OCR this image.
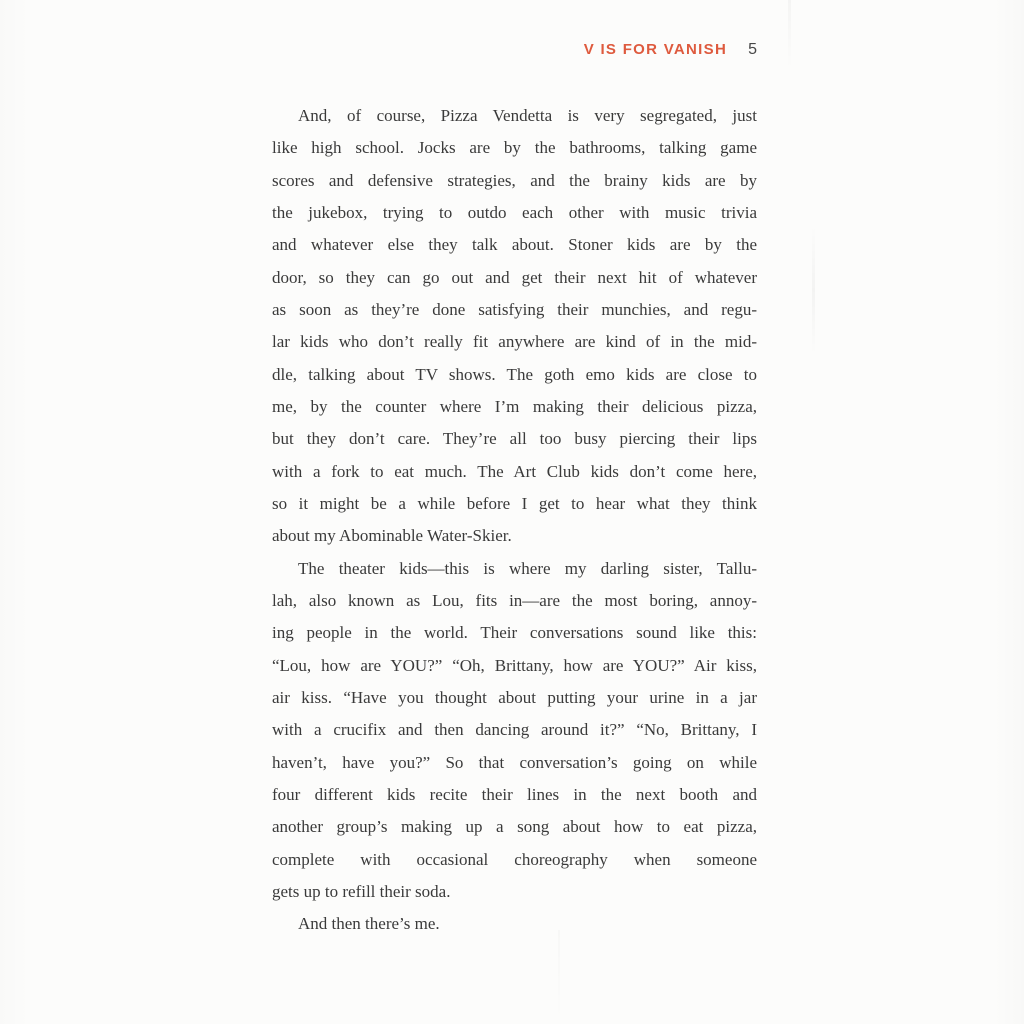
V IS FOR VANISH 5
And, of course, Pizza Vendetta is very segregated, just
like high school. Jocks are by the bathrooms, talking game
scores and defensive strategies, and the brainy kids are by
the jukebox, trying to outdo each other with music trivia
and whatever else they talk about. Stoner kids are by the
door, so they can go out and get their next hit of whatever
as soon as they’re done satisfying their munchies, and regu-
lar kids who don’t really fit anywhere are kind of in the mid-
dle, talking about TV shows. The goth emo kids are close to
me, by the counter where I’m making their delicious pizza,
but they don’t care. They’re all too busy piercing their lips
with a fork to eat much. The Art Club kids don’t come here,
so it might be a while before I get to hear what they think
about my Abominable Water-Skier.
The theater kids—this is where my darling sister, Tallu-
lah, also known as Lou, fits in—are the most boring, annoy-
ing people in the world. Their conversations sound like this:
“Lou, how are YOU?” “Oh, Brittany, how are YOU?” Air kiss,
air kiss. “Have you thought about putting your urine in a jar
with a crucifix and then dancing around it?” “No, Brittany, I
haven’t, have you?” So that conversation’s going on while
four different kids recite their lines in the next booth and
another group’s making up a song about how to eat pizza,
complete with occasional choreography when someone
gets up to refill their soda.
And then there’s me.
